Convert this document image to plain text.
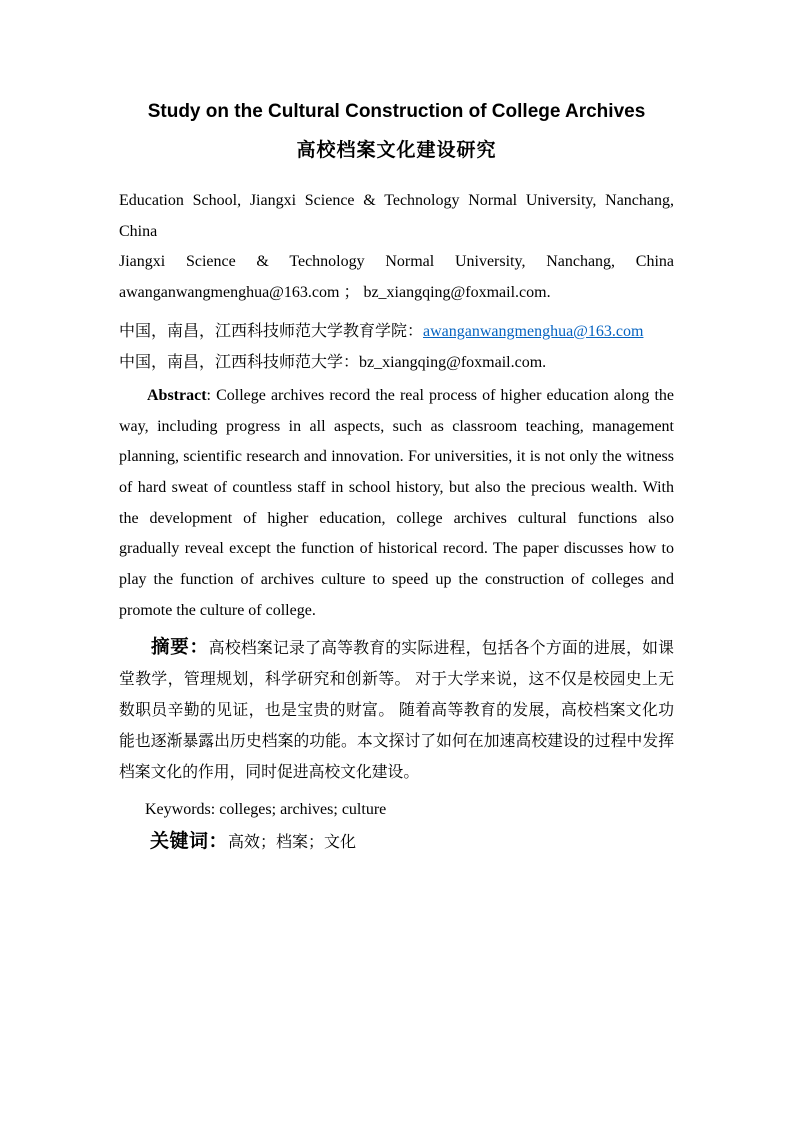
Study on the Cultural Construction of College Archives
高校档案文化建设研究
Education School, Jiangxi Science & Technology Normal University, Nanchang,
China
Jiangxi Science & Technology Normal University, Nanchang, China
awanganwangmenghua@163.com ； bz_xiangqing@foxmail.com.
中国，南昌，江西科技师范大学教育学院：awanganwangmenghua@163.com
中国，南昌，江西科技师范大学：bz_xiangqing@foxmail.com.
Abstract: College archives record the real process of higher education along the
way, including progress in all aspects, such as classroom teaching, management
planning, scientific research and innovation. For universities, it is not only the witness
of hard sweat of countless staff in school history, but also the precious wealth. With
the development of higher education, college archives cultural functions also
gradually reveal except the function of historical record. The paper discusses how to
play the function of archives culture to speed up the construction of colleges and
promote the culture of college.
摘要：高校档案记录了高等教育的实际进程，包括各个方面的进展，如课
堂教学，管理规划，科学研究和创新等。 对于大学来说，这不仅是校园史上无
数职员辛勤的见证，也是宝贵的财富。 随着高等教育的发展，高校档案文化功
能也逐渐暴露出历史档案的功能。本文探讨了如何在加速高校建设的过程中发挥
档案文化的作用，同时促进高校文化建设。
Keywords: colleges; archives; culture
关键词：高效；档案；文化
